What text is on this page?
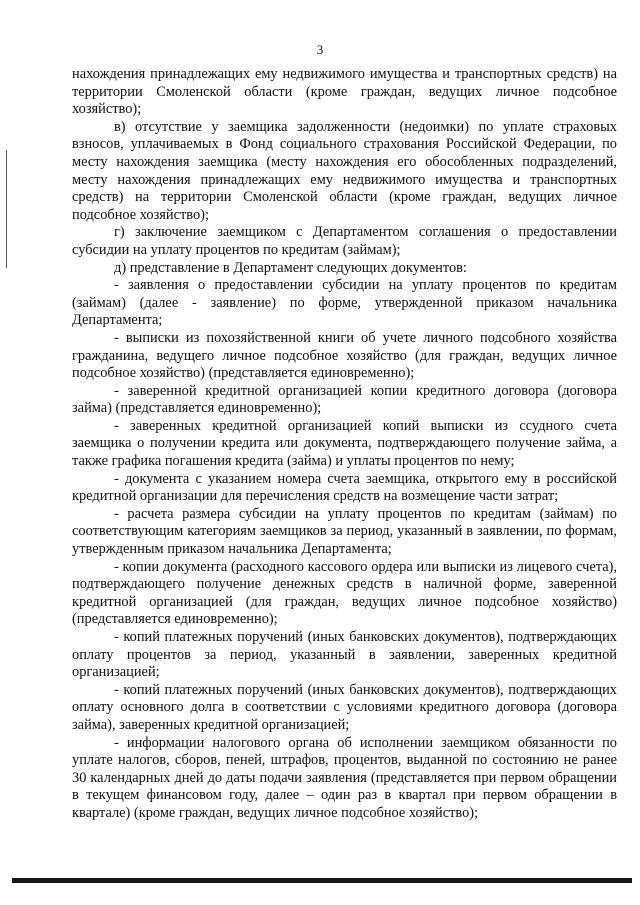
3

нахождения принадлежащих ему недвижимого имущества и транспортных средств) на территории Смоленской области (кроме граждан, ведущих личное подсобное хозяйство);

в) отсутствие у заемщика задолженности (недоимки) по уплате страховых взносов, уплачиваемых в Фонд социального страхования Российской Федерации, по месту нахождения заемщика (месту нахождения его обособленных подразделений, месту нахождения принадлежащих ему недвижимого имущества и транспортных средств) на территории Смоленской области (кроме граждан, ведущих личное подсобное хозяйство);

г) заключение заемщиком с Департаментом соглашения о предоставлении субсидии на уплату процентов по кредитам (займам);

д) представление в Департамент следующих документов:

- заявления о предоставлении субсидии на уплату процентов по кредитам (займам) (далее - заявление) по форме, утвержденной приказом начальника Департамента;

- выписки из похозяйственной книги об учете личного подсобного хозяйства гражданина, ведущего личное подсобное хозяйство (для граждан, ведущих личное подсобное хозяйство) (представляется единовременно);

- заверенной кредитной организацией копии кредитного договора (договора займа) (представляется единовременно);

- заверенных кредитной организацией копий выписки из ссудного счета заемщика о получении кредита или документа, подтверждающего получение займа, а также графика погашения кредита (займа) и уплаты процентов по нему;

- документа с указанием номера счета заемщика, открытого ему в российской кредитной организации для перечисления средств на возмещение части затрат;

- расчета размера субсидии на уплату процентов по кредитам (займам) по соответствующим категориям заемщиков за период, указанный в заявлении, по формам, утвержденным приказом начальника Департамента;

- копии документа (расходного кассового ордера или выписки из лицевого счета), подтверждающего получение денежных средств в наличной форме, заверенной кредитной организацией (для граждан, ведущих личное подсобное хозяйство) (представляется единовременно);

- копий платежных поручений (иных банковских документов), подтверждающих оплату процентов за период, указанный в заявлении, заверенных кредитной организацией;

- копий платежных поручений (иных банковских документов), подтверждающих оплату основного долга в соответствии с условиями кредитного договора (договора займа), заверенных кредитной организацией;

- информации налогового органа об исполнении заемщиком обязанности по уплате налогов, сборов, пеней, штрафов, процентов, выданной по состоянию не ранее 30 календарных дней до даты подачи заявления (представляется при первом обращении в текущем финансовом году, далее – один раз в квартал при первом обращении в квартале) (кроме граждан, ведущих личное подсобное хозяйство);
